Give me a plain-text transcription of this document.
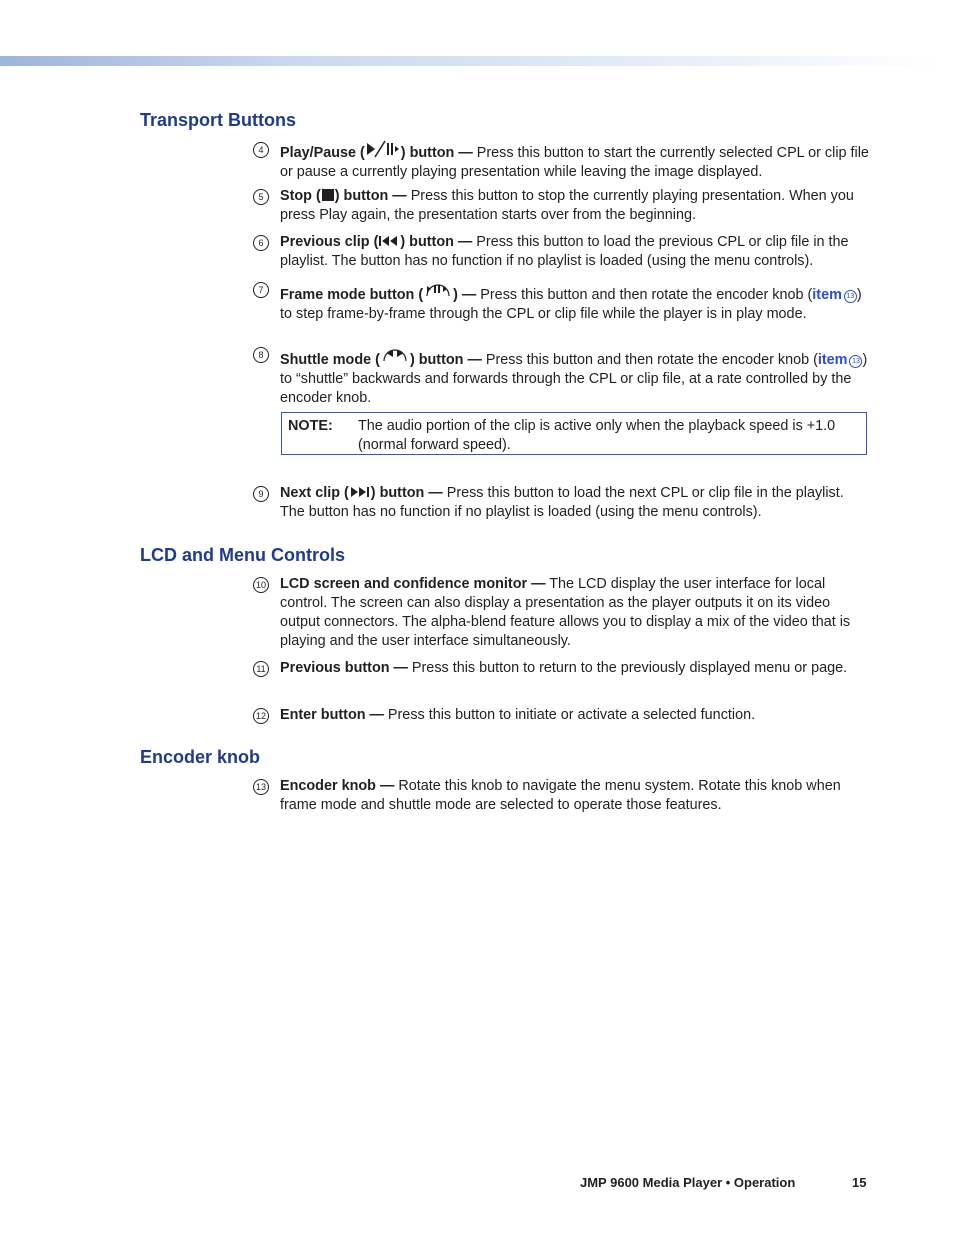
Transport Buttons
4	Play/Pause (	) button — Press this button to start the currently selected CPL or clip file or pause a currently playing presentation while leaving the image displayed.
5	Stop ( ) button — Press this button to stop the currently playing presentation. When you press Play again, the presentation starts over from the beginning.
6	Previous clip ( ) button — Press this button to load the previous CPL or clip file in the playlist. The button has no function if no playlist is loaded (using the menu controls).
7	Frame mode button ( ) — Press this button and then rotate the encoder knob (item 13 ) to step frame-by-frame through the CPL or clip file while the player is in play mode.
8	Shuttle mode ( ) button — Press this button and then rotate the encoder knob (item 13 ) to “shuttle” backwards and forwards through the CPL or clip file, at a rate controlled by the encoder knob.
NOTE: The audio portion of the clip is active only when the playback speed is +1.0 (normal forward speed).
9	Next clip ( ) button — Press this button to load the next CPL or clip file in the playlist. The button has no function if no playlist is loaded (using the menu controls).
LCD and Menu Controls
10 LCD screen and confidence monitor — The LCD display the user interface for local control. The screen can also display a presentation as the player outputs it on its video output connectors. The alpha-blend feature allows you to display a mix of the video that is playing and the user interface simultaneously.
11 Previous button — Press this button to return to the previously displayed menu or page.
12 Enter button — Press this button to initiate or activate a selected function.
Encoder knob
13 Encoder knob — Rotate this knob to navigate the menu system. Rotate this knob when frame mode and shuttle mode are selected to operate those features.
JMP 9600 Media Player • Operation	15
